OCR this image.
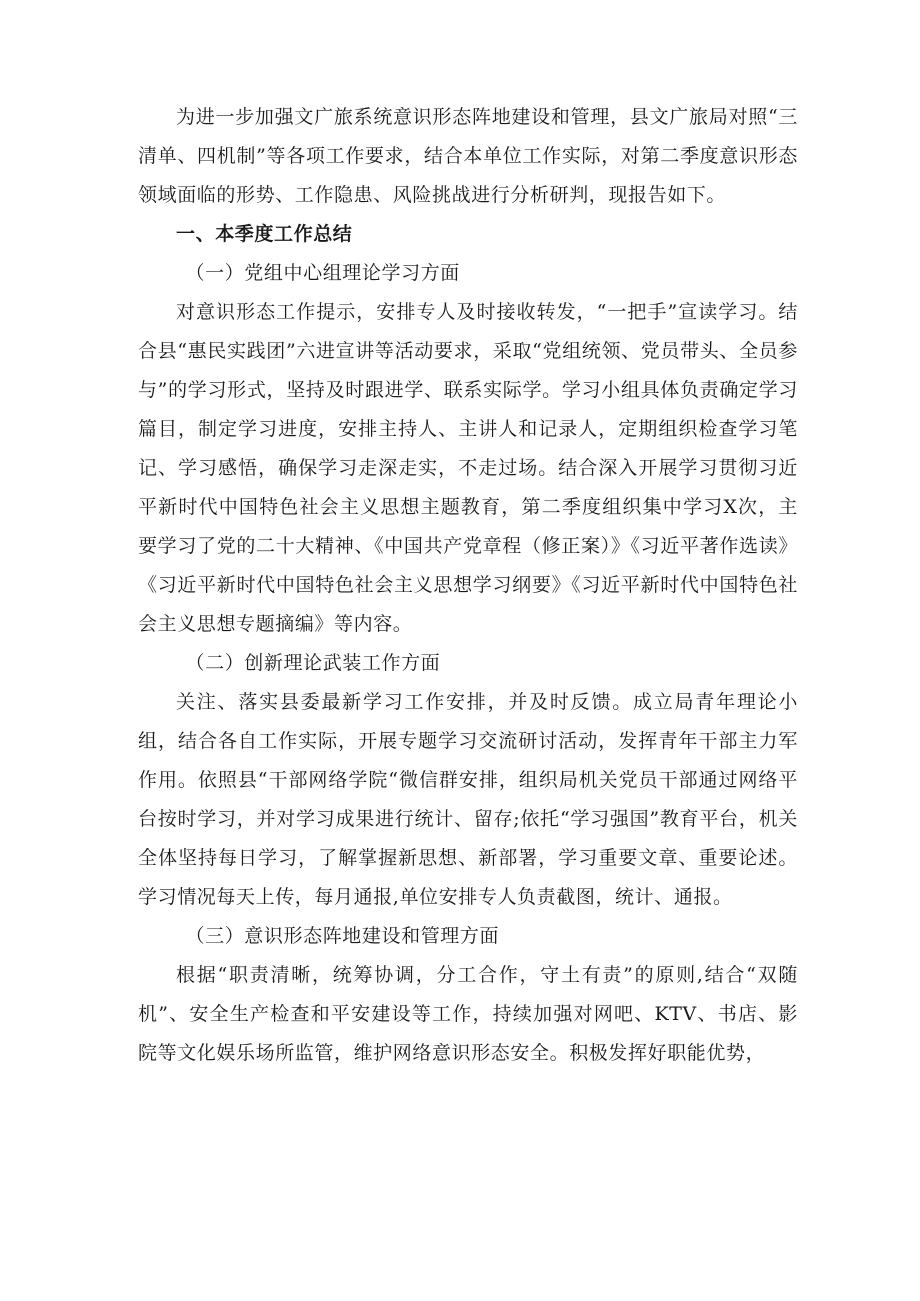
为进一步加强文广旅系统意识形态阵地建设和管理，县文广旅局对照“三清单、四机制”等各项工作要求，结合本单位工作实际，对第二季度意识形态领域面临的形势、工作隐患、风险挑战进行分析研判，现报告如下。

一、本季度工作总结

（一）党组中心组理论学习方面

对意识形态工作提示，安排专人及时接收转发，“一把手”宣读学习。结合县“惠民实践团”六进宣讲等活动要求，采取“党组统领、党员带头、全员参与”的学习形式，坚持及时跟进学、联系实际学。学习小组具体负责确定学习篇目，制定学习进度，安排主持人、主讲人和记录人，定期组织检查学习笔记、学习感悟，确保学习走深走实，不走过场。结合深入开展学习贯彻习近平新时代中国特色社会主义思想主题教育，第二季度组织集中学习X次，主要学习了党的二十大精神、《中国共产党章程（修正案）》《习近平著作选读》《习近平新时代中国特色社会主义思想学习纲要》《习近平新时代中国特色社会主义思想专题摘编》等内容。

（二）创新理论武装工作方面

关注、落实县委最新学习工作安排，并及时反馈。成立局青年理论小组，结合各自工作实际，开展专题学习交流研讨活动，发挥青年干部主力军作用。依照县“干部网络学院“微信群安排，组织局机关党员干部通过网络平台按时学习，并对学习成果进行统计、留存;依托“学习强国”教育平台，机关全体坚持每日学习，了解掌握新思想、新部署，学习重要文章、重要论述。学习情况每天上传，每月通报,单位安排专人负责截图，统计、通报。

（三）意识形态阵地建设和管理方面

根据“职责清晰，统筹协调，分工合作，守土有责”的原则,结合“双随机”、安全生产检查和平安建设等工作，持续加强对网吧、KTV、书店、影院等文化娱乐场所监管，维护网络意识形态安全。积极发挥好职能优势，
